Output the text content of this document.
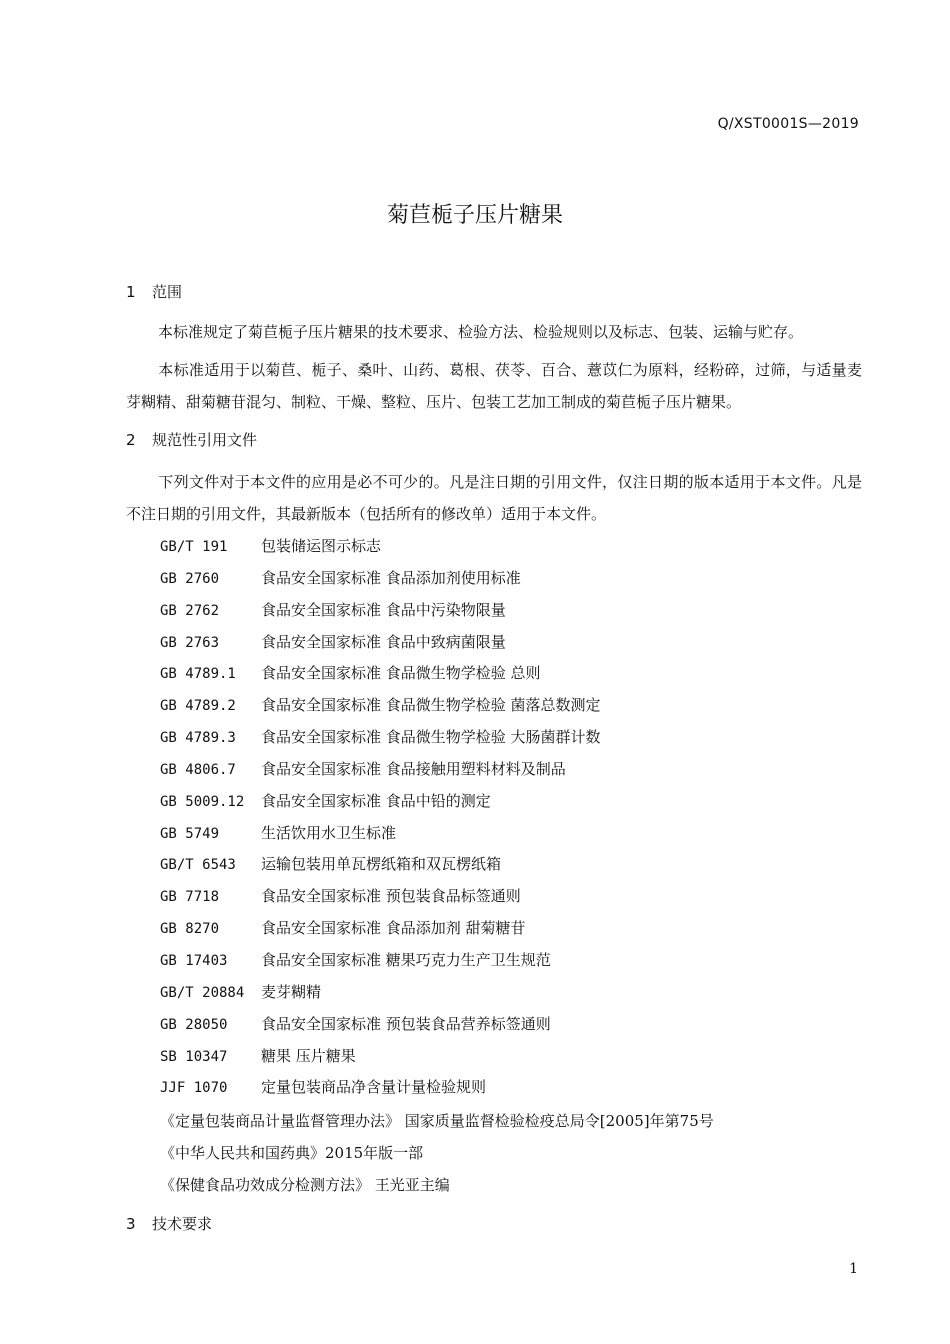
Q/XST0001S—2019
菊苣栀子压片糖果
1 范围
本标准规定了菊苣栀子压片糖果的技术要求、检验方法、检验规则以及标志、包装、运输与贮存。
本标准适用于以菊苣、栀子、桑叶、山药、葛根、茯苓、百合、薏苡仁为原料，经粉碎，过筛，与适量麦芽糊精、甜菊糖苷混匀、制粒、干燥、整粒、压片、包装工艺加工制成的菊苣栀子压片糖果。
2 规范性引用文件
下列文件对于本文件的应用是必不可少的。凡是注日期的引用文件，仅注日期的版本适用于本文件。凡是不注日期的引用文件，其最新版本（包括所有的修改单）适用于本文件。
GB/T 191 包装储运图示标志
GB 2760	食品安全国家标准 食品添加剂使用标准
GB 2762	食品安全国家标准 食品中污染物限量
GB 2763	食品安全国家标准 食品中致病菌限量
GB 4789.1 食品安全国家标准 食品微生物学检验 总则
GB 4789.2 食品安全国家标准 食品微生物学检验 菌落总数测定
GB 4789.3 食品安全国家标准 食品微生物学检验 大肠菌群计数
GB 4806.7 食品安全国家标准 食品接触用塑料材料及制品
GB 5009.12 食品安全国家标准 食品中铅的测定
GB 5749	生活饮用水卫生标准
GB/T 6543 运输包装用单瓦楞纸箱和双瓦楞纸箱
GB 7718	食品安全国家标准 预包装食品标签通则
GB 8270	食品安全国家标准 食品添加剂 甜菊糖苷
GB 17403 食品安全国家标准 糖果巧克力生产卫生规范
GB/T 20884 麦芽糊精
GB 28050 食品安全国家标准 预包装食品营养标签通则
SB 10347 糖果 压片糖果
JJF 1070 定量包装商品净含量计量检验规则
《定量包装商品计量监督管理办法》 国家质量监督检验检疫总局令[2005]年第75号
《中华人民共和国药典》2015年版一部
《保健食品功效成分检测方法》 王光亚主编
3 技术要求
1
